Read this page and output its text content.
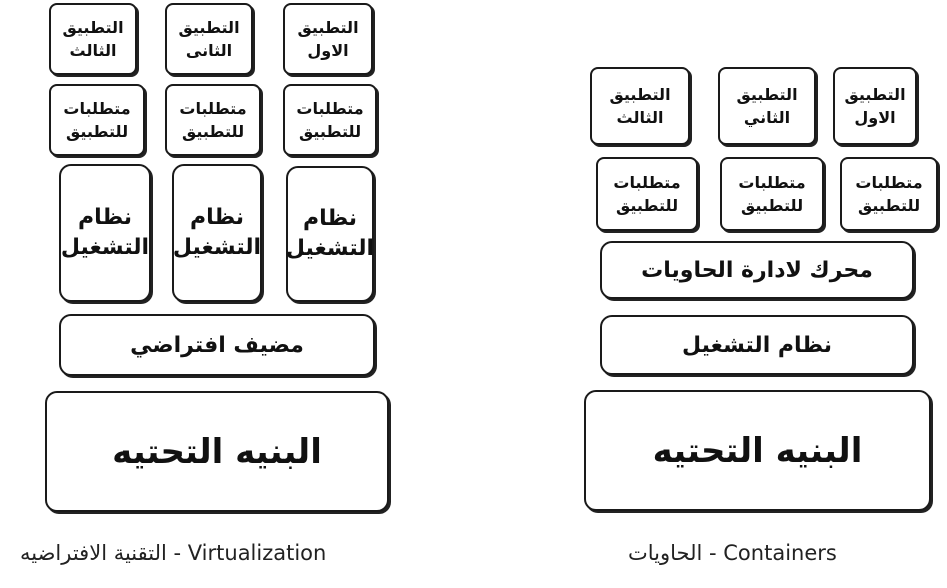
التطبيق
الاول
التطبيق
الثانى
التطبيق
الثالث
متطلبات
للتطبيق
متطلبات
للتطبيق
متطلبات
للتطبيق
نظام
التشغيل
نظام
التشغيل
نظام
التشغيل
مضيف افتراضي
البنيه التحتيه
التقنية الافتراضيه - Virtualization
التطبيق
الاول
التطبيق
الثاني
التطبيق
الثالث
متطلبات
للتطبيق
متطلبات
للتطبيق
متطلبات
للتطبيق
محرك لادارة الحاويات
نظام التشغيل
البنيه التحتيه
الحاويات - Containers
